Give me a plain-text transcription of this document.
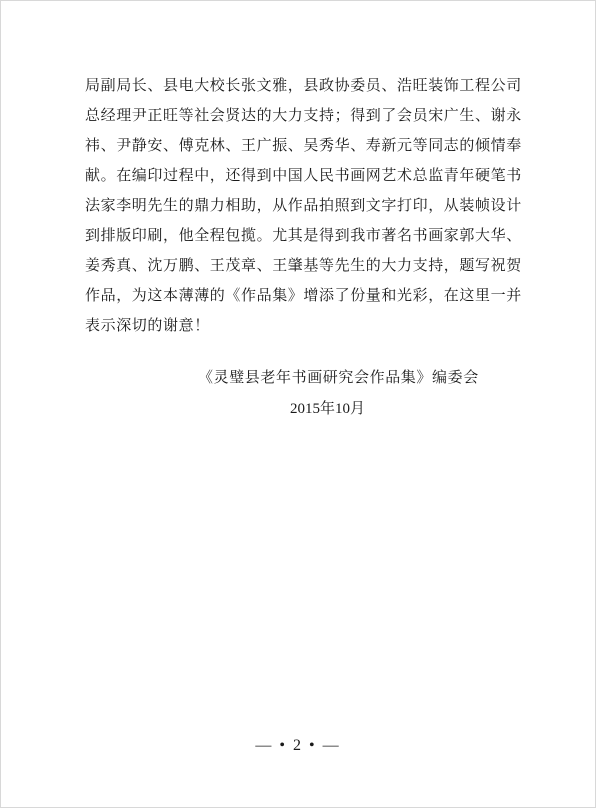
局副局长、县电大校长张文雅，县政协委员、浩旺装饰工程公司
总经理尹正旺等社会贤达的大力支持；得到了会员宋广生、谢永
祎、尹静安、傅克林、王广振、吴秀华、寿新元等同志的倾情奉
献。在编印过程中，还得到中国人民书画网艺术总监青年硬笔书
法家李明先生的鼎力相助，从作品拍照到文字打印，从装帧设计
到排版印刷，他全程包揽。尤其是得到我市著名书画家郭大华、
姜秀真、沈万鹏、王茂章、王肇基等先生的大力支持，题写祝贺
作品，为这本薄薄的《作品集》增添了份量和光彩，在这里一并
表示深切的谢意！
《灵璧县老年书画研究会作品集》编委会
2015年10月
— • 2 • —
